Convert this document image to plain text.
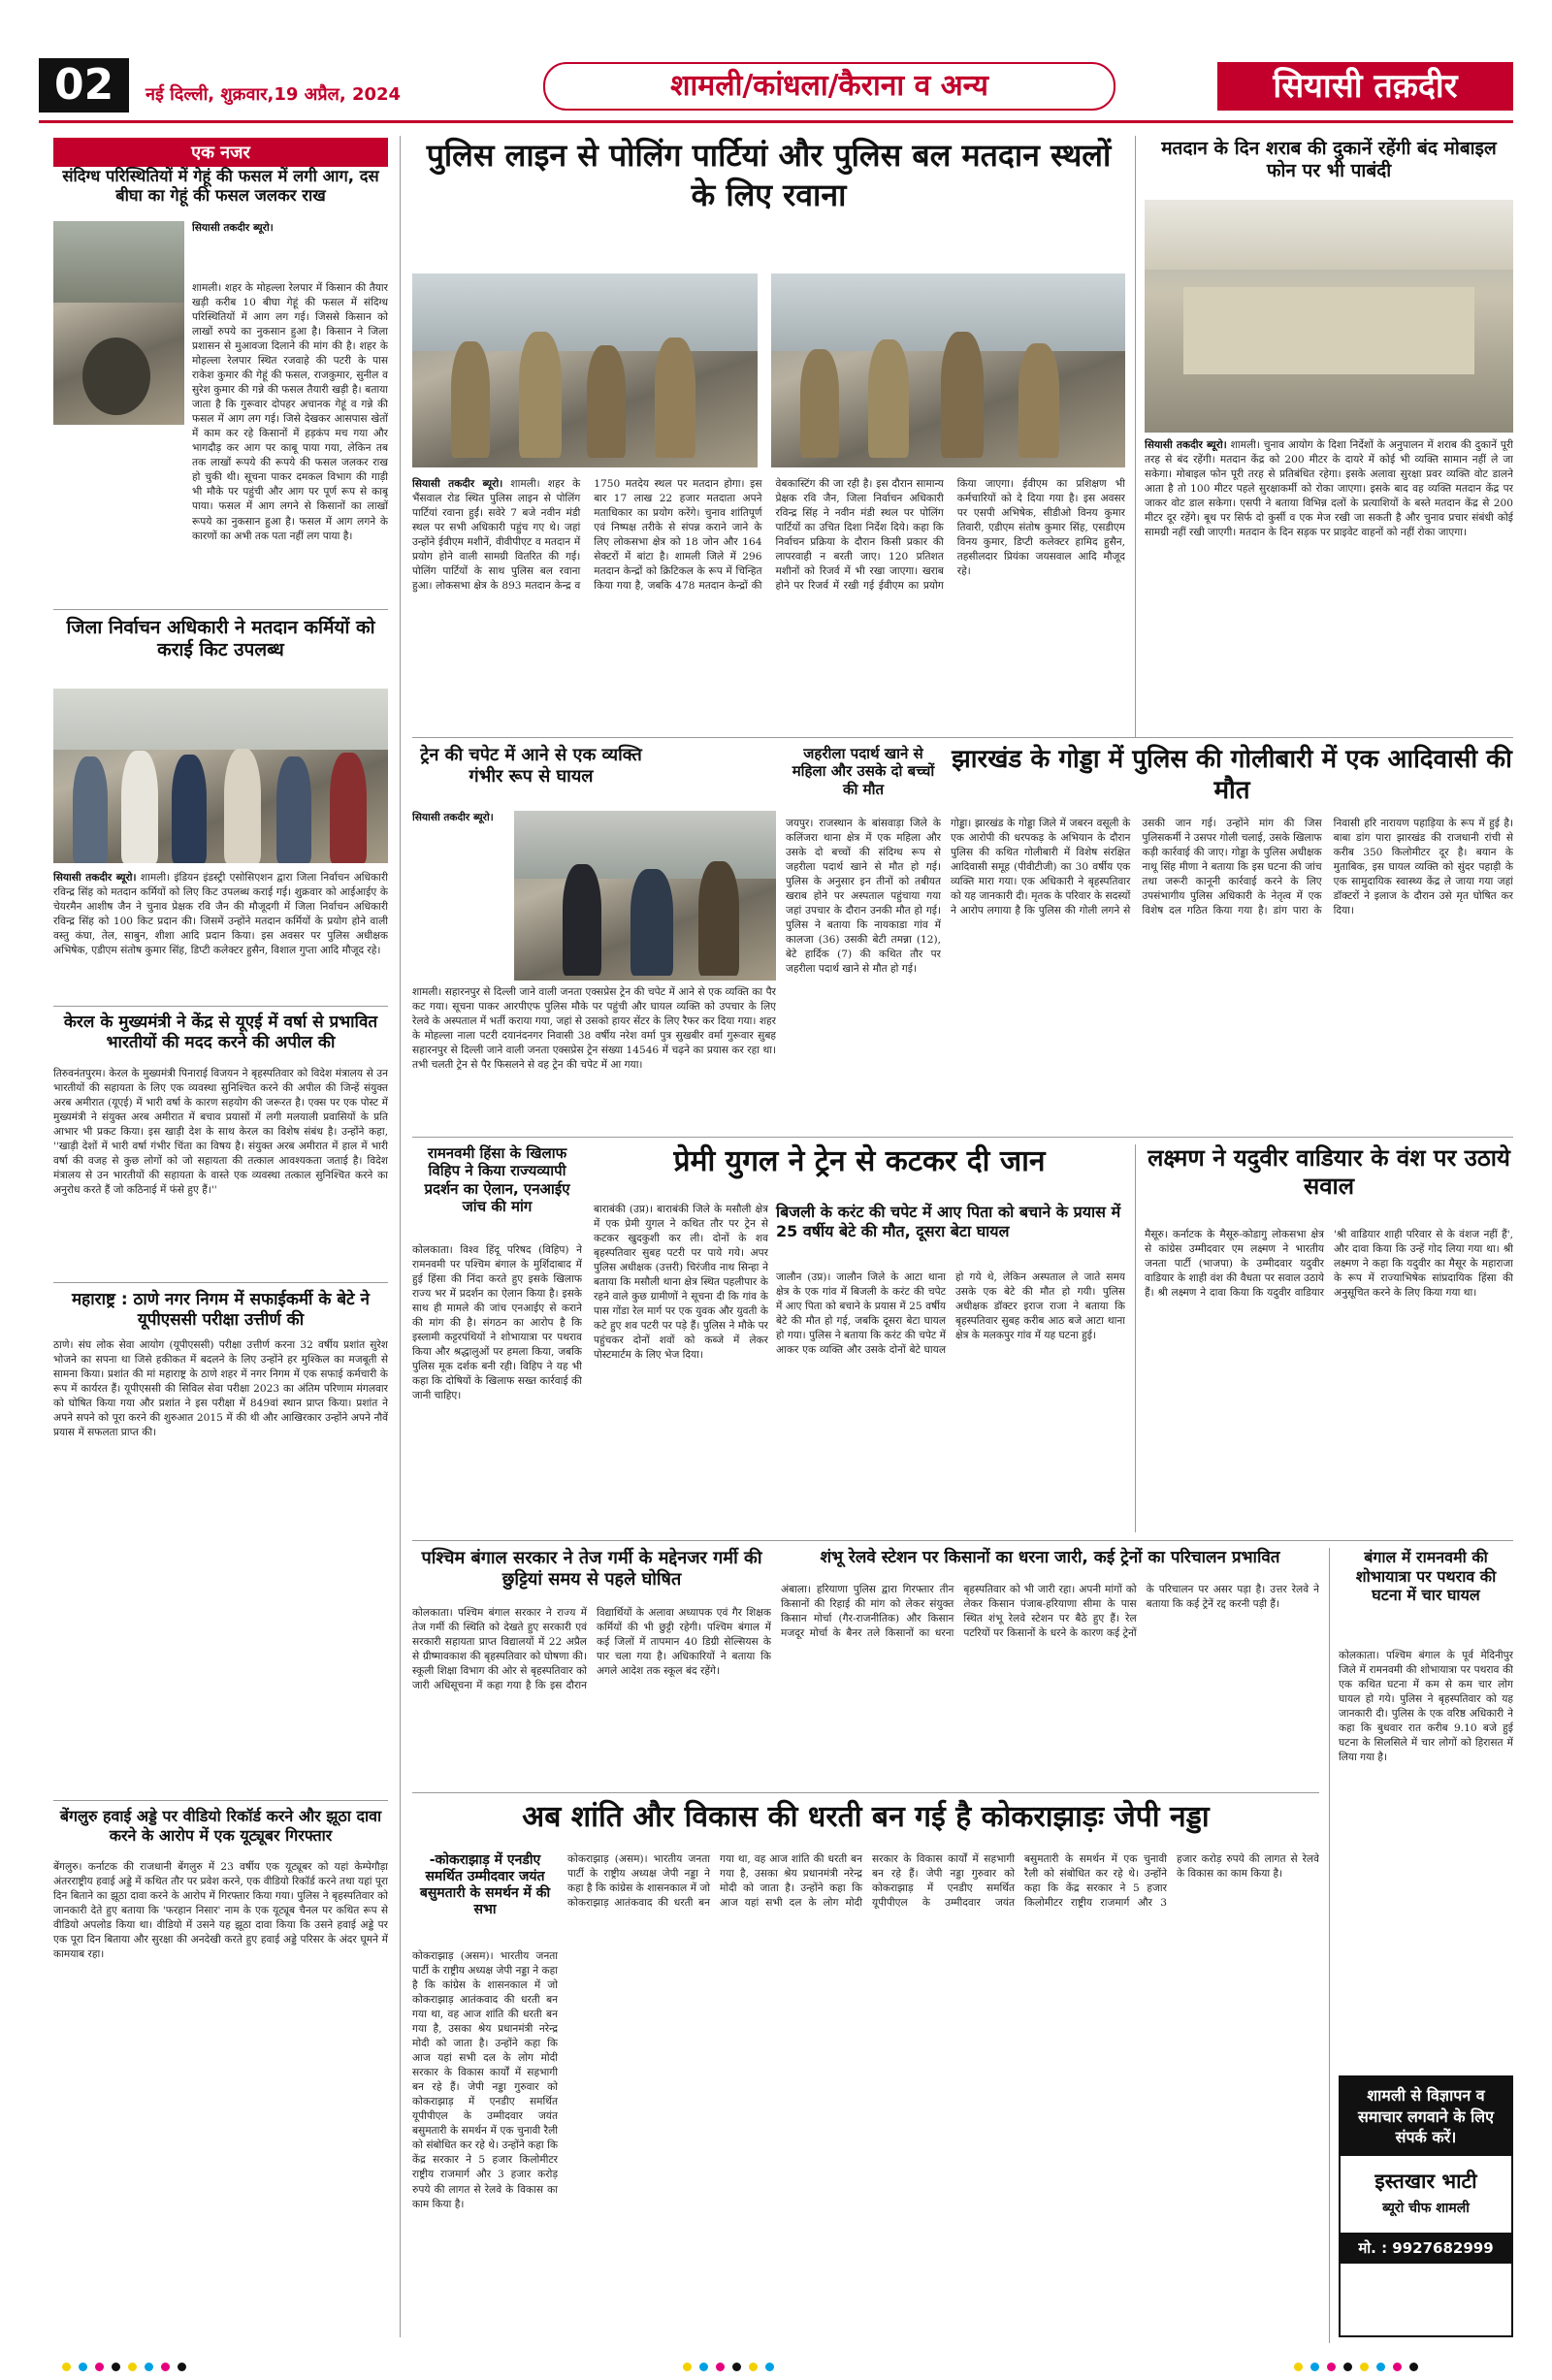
02	नई दिल्ली, शुक्रवार,19 अप्रैल, 2024	शामली/कांधला/कैराना व अन्य	सियासी तक़दीर
एक नजर
संदिग्ध परिस्थितियों में गेहूं की फसल में लगी आग, दस बीघा का गेहूं की फसल जलकर राख
सियासी तकदीर ब्यूरो।
शामली। शहर के मोहल्ला रेलपार में किसान की तैयार खड़ी करीब 10 बीघा गेहूं की फसल में संदिग्ध परिस्थितियों में आग लग गई। जिससे किसान को लाखों रुपये का नुकसान हुआ है। किसान ने जिला प्रशासन से मुआवजा दिलाने की मांग की है। शहर के मोहल्ला रेलपार स्थित रजवाहे की पटरी के पास राकेश कुमार की गेहूं की फसल, राजकुमार, सुनील व सुरेश कुमार की गन्ने की फसल तैयारी खड़ी है। बताया जाता है कि गुरूवार दोपहर अचानक गेहूं व गन्ने की फसल में आग लग गई। जिसे देखकर आसपास खेतों में काम कर रहे किसानों में हड़कंप मच गया और भागदौड़ कर आग पर काबू पाया गया, लेकिन तब तक लाखों रूपये की रूपये की फसल जलकर राख हो चुकी थी। सूचना पाकर दमकल विभाग की गाड़ी भी मौके पर पहुंची और आग पर पूर्ण रूप से काबू पाया। फसल में आग लगने से किसानों का लाखों रूपये का नुकसान हुआ है। फसल में आग लगने के कारणों का अभी तक पता नहीं लग पाया है।
जिला निर्वाचन अधिकारी ने मतदान कर्मियों को कराई किट उपलब्ध
सियासी तकदीर ब्यूरो। शामली। इंडियन इंडस्ट्री एसोसिएशन द्वारा जिला निर्वाचन अधिकारी रविन्द्र सिंह को मतदान कर्मियों को लिए किट उपलब्ध कराई गई। शुक्रवार को आईआईए के चेयरमैन आशीष जैन ने चुनाव प्रेक्षक रवि जैन की मौजूदगी में जिला निर्वाचन अधिकारी रविन्द्र सिंह को 100 किट प्रदान की। जिसमें उन्होंने मतदान कर्मियों के प्रयोग होने वाली वस्तु कंघा, तेल, साबुन, शीशा आदि प्रदान किया। इस अवसर पर पुलिस अधीक्षक अभिषेक, एडीएम संतोष कुमार सिंह, डिप्टी कलेक्टर हुसैन, विशाल गुप्ता आदि मौजूद रहे।
केरल के मुख्यमंत्री ने केंद्र से यूएई में वर्षा से प्रभावित भारतीयों की मदद करने की अपील की
तिरुवनंतपुरम। केरल के मुख्यमंत्री पिनाराई विजयन ने बृहस्पतिवार को विदेश मंत्रालय से उन भारतीयों की सहायता के लिए एक व्यवस्था सुनिश्चित करने की अपील की जिन्हें संयुक्त अरब अमीरात (यूएई) में भारी वर्षा के कारण सहयोग की जरूरत है। एक्स पर एक पोस्ट में मुख्यमंत्री ने संयुक्त अरब अमीरात में बचाव प्रयासों में लगी मलयाली प्रवासियों के प्रति आभार भी प्रकट किया। इस खाड़ी देश के साथ केरल का विशेष संबंध है। उन्होंने कहा, ''खाड़ी देशों में भारी वर्षा गंभीर चिंता का विषय है। संयुक्त अरब अमीरात में हाल में भारी वर्षा की वजह से कुछ लोगों को जो सहायता की तत्काल आवश्यकता जताई है। विदेश मंत्रालय से उन भारतीयों की सहायता के वास्ते एक व्यवस्था तत्काल सुनिश्चित करने का अनुरोध करते हैं जो कठिनाई में फंसे हुए हैं।''
महाराष्ट्र : ठाणे नगर निगम में सफाईकर्मी के बेटे ने यूपीएससी परीक्षा उत्तीर्ण की
ठाणे। संघ लोक सेवा आयोग (यूपीएससी) परीक्षा उत्तीर्ण करना 32 वर्षीय प्रशांत सुरेश भोजने का सपना था जिसे हकीकत में बदलने के लिए उन्होंने हर मुश्किल का मजबूती से सामना किया। प्रशांत की मां महाराष्ट्र के ठाणे शहर में नगर निगम में एक सफाई कर्मचारी के रूप में कार्यरत हैं। यूपीएससी की सिविल सेवा परीक्षा 2023 का अंतिम परिणाम मंगलवार को घोषित किया गया और प्रशांत ने इस परीक्षा में 849वां स्थान प्राप्त किया। प्रशांत ने अपने सपने को पूरा करने की शुरुआत 2015 में की थी और आखिरकार उन्होंने अपने नौवें प्रयास में सफलता प्राप्त की।
बेंगलुरु हवाई अड्डे पर वीडियो रिकॉर्ड करने और झूठा दावा करने के आरोप में एक यूट्यूबर गिरफ्तार
बेंगलुरु। कर्नाटक की राजधानी बेंगलुरु में 23 वर्षीय एक यूट्यूबर को यहां केम्पेगौड़ा अंतरराष्ट्रीय हवाई अड्डे में कथित तौर पर प्रवेश करने, एक वीडियो रिकॉर्ड करने तथा यहां पूरा दिन बिताने का झूठा दावा करने के आरोप में गिरफ्तार किया गया। पुलिस ने बृहस्पतिवार को जानकारी देते हुए बताया कि 'फरहान निसार' नाम के एक यूट्यूब चैनल पर कथित रूप से वीडियो अपलोड किया था। वीडियो में उसने यह झूठा दावा किया कि उसने हवाई अड्डे पर एक पूरा दिन बिताया और सुरक्षा की अनदेखी करते हुए हवाई अड्डे परिसर के अंदर घूमने में कामयाब रहा।
पुलिस लाइन से पोलिंग पार्टियां और पुलिस बल मतदान स्थलों के लिए रवाना
सियासी तकदीर ब्यूरो। शामली। शहर के भैंसवाल रोड स्थित पुलिस लाइन से पोलिंग पार्टियां रवाना हुईं। सवेरे 7 बजे नवीन मंडी स्थल पर सभी अधिकारी पहुंच गए थे। जहां उन्होंने ईवीएम मशीनें, वीवीपीएट व मतदान में प्रयोग होने वाली सामग्री वितरित की गई। पोलिंग पार्टियों के साथ पुलिस बल रवाना हुआ। लोकसभा क्षेत्र के 893 मतदान केन्द्र व 1750 मतदेय स्थल पर मतदान होगा। इस बार 17 लाख 22 हजार मतदाता अपने मताधिकार का प्रयोग करेंगे। चुनाव शांतिपूर्ण एवं निष्पक्ष तरीके से संपन्न कराने जाने के लिए लोकसभा क्षेत्र को 18 जोन और 164 सेक्टरों में बांटा है। शामली जिले में 296 मतदान केन्द्रों को क्रिटिकल के रूप में चिन्हित किया गया है, जबकि 478 मतदान केन्द्रों की वेबकास्टिंग की जा रही है। इस दौरान सामान्य प्रेक्षक रवि जैन, जिला निर्वाचन अधिकारी रविन्द्र सिंह ने नवीन मंडी स्थल पर पोलिंग पार्टियों का उचित दिशा निर्देश दिये। कहा कि निर्वाचन प्रक्रिया के दौरान किसी प्रकार की लापरवाही न बरती जाए। 120 प्रतिशत मशीनों को रिजर्व में भी रखा जाएगा। खराब होने पर रिजर्व में रखी गई ईवीएम का प्रयोग किया जाएगा। ईवीएम का प्रशिक्षण भी कर्मचारियों को दे दिया गया है। इस अवसर पर एसपी अभिषेक, सीडीओ विनय कुमार तिवारी, एडीएम संतोष कुमार सिंह, एसडीएम विनय कुमार, डिप्टी कलेक्टर हामिद हुसैन, तहसीलदार प्रियंका जयसवाल आदि मौजूद रहे।
मतदान के दिन शराब की दुकानें रहेंगी बंद मोबाइल फोन पर भी पाबंदी
सियासी तकदीर ब्यूरो। शामली। चुनाव आयोग के दिशा निर्देशों के अनुपालन में शराब की दुकानें पूरी तरह से बंद रहेंगी। मतदान केंद्र को 200 मीटर के दायरे में कोई भी व्यक्ति सामान नहीं ले जा सकेगा। मोबाइल फोन पूरी तरह से प्रतिबंधित रहेगा। इसके अलावा सुरक्षा प्रवर व्यक्ति वोट डालने आता है तो 100 मीटर पहले सुरक्षाकर्मी को रोका जाएगा। इसके बाद वह व्यक्ति मतदान केंद्र पर जाकर वोट डाल सकेगा। एसपी ने बताया विभिन्न दलों के प्रत्याशियों के बस्ते मतदान केंद्र से 200 मीटर दूर रहेंगे। बूथ पर सिर्फ दो कुर्सी व एक मेज रखी जा सकती है और चुनाव प्रचार संबंधी कोई सामग्री नहीं रखी जाएगी। मतदान के दिन सड़क पर प्राइवेट वाहनों को नहीं रोका जाएगा।
ट्रेन की चपेट में आने से एक व्यक्ति गंभीर रूप से घायल
सियासी तकदीर ब्यूरो।
शामली। सहारनपुर से दिल्ली जाने वाली जनता एक्सप्रेस ट्रेन की चपेट में आने से एक व्यक्ति का पैर कट गया। सूचना पाकर आरपीएफ पुलिस मौके पर पहुंची और घायल व्यक्ति को उपचार के लिए रेलवे के अस्पताल में भर्ती कराया गया, जहां से उसको हायर सेंटर के लिए रैफर कर दिया गया। शहर के मोहल्ला नाला पटरी दयानंदनगर निवासी 38 वर्षीय नरेश वर्मा पुत्र सुखबीर वर्मा गुरूवार सुबह सहारनपुर से दिल्ली जाने वाली जनता एक्सप्रेस ट्रेन संख्या 14546 में चढ़ने का प्रयास कर रहा था। तभी चलती ट्रेन से पैर फिसलने से वह ट्रेन की चपेट में आ गया।
जहरीला पदार्थ खाने से महिला और उसके दो बच्चों की मौत
जयपुर। राजस्थान के बांसवाड़ा जिले के कलिंजरा थाना क्षेत्र में एक महिला और उसके दो बच्चों की संदिग्ध रूप से जहरीला पदार्थ खाने से मौत हो गई। पुलिस के अनुसार इन तीनों को तबीयत खराब होने पर अस्पताल पहुंचाया गया जहां उपचार के दौरान उनकी मौत हो गई। पुलिस ने बताया कि नायकाडा गांव में कालजा (36) उसकी बेटी तमन्ना (12), बेटे हार्दिक (7) की कथित तौर पर जहरीला पदार्थ खाने से मौत हो गई।
झारखंड के गोड्डा में पुलिस की गोलीबारी में एक आदिवासी की मौत
गोड्डा। झारखंड के गोड्डा जिले में जबरन वसूली के एक आरोपी की धरपकड़ के अभियान के दौरान पुलिस की कथित गोलीबारी में विशेष संरक्षित आदिवासी समूह (पीवीटीजी) का 30 वर्षीय एक व्यक्ति मारा गया। एक अधिकारी ने बृहस्पतिवार को यह जानकारी दी। मृतक के परिवार के सदस्यों ने आरोप लगाया है कि पुलिस की गोली लगने से उसकी जान गई। उन्होंने मांग की जिस पुलिसकर्मी ने उसपर गोली चलाई, उसके खिलाफ कड़ी कार्रवाई की जाए। गोड्डा के पुलिस अधीक्षक नाथू सिंह मीणा ने बताया कि इस घटना की जांच तथा जरूरी कानूनी कार्रवाई करने के लिए उपसंभागीय पुलिस अधिकारी के नेतृत्व में एक विशेष दल गठित किया गया है। डांग पारा के निवासी हरि नारायण पहाड़िया के रूप में हुई है। बाबा डांग पारा झारखंड की राजधानी रांची से करीब 350 किलोमीटर दूर है। बयान के मुताबिक, इस घायल व्यक्ति को सुंदर पहाड़ी के एक सामुदायिक स्वास्थ्य केंद्र ले जाया गया जहां डॉक्टरों ने इलाज के दौरान उसे मृत घोषित कर दिया।
रामनवमी हिंसा के खिलाफ विहिप ने किया राज्यव्यापी प्रदर्शन का ऐलान, एनआईए जांच की मांग
कोलकाता। विश्व हिंदू परिषद (विहिप) ने रामनवमी पर पश्चिम बंगाल के मुर्शिदाबाद में हुई हिंसा की निंदा करते हुए इसके खिलाफ राज्य भर में प्रदर्शन का ऐलान किया है। इसके साथ ही मामले की जांच एनआईए से कराने की मांग की है। संगठन का आरोप है कि इस्लामी कट्टरपंथियों ने शोभायात्रा पर पथराव किया और श्रद्धालुओं पर हमला किया, जबकि पुलिस मूक दर्शक बनी रही। विहिप ने यह भी कहा कि दोषियों के खिलाफ सख्त कार्रवाई की जानी चाहिए।
प्रेमी युगल ने ट्रेन से कटकर दी जान
बाराबंकी (उप्र)। बाराबंकी जिले के मसौली क्षेत्र में एक प्रेमी युगल ने कथित तौर पर ट्रेन से कटकर खुदकुशी कर ली। दोनों के शव बृहस्पतिवार सुबह पटरी पर पाये गये। अपर पुलिस अधीक्षक (उत्तरी) चिरंजीव नाथ सिन्हा ने बताया कि मसौली थाना क्षेत्र स्थित पहलीपार के रहने वाले कुछ ग्रामीणों ने सूचना दी कि गांव के पास गोंडा रेल मार्ग पर एक युवक और युवती के कटे हुए शव पटरी पर पड़े हैं। पुलिस ने मौके पर पहुंचकर दोनों शवों को कब्जे में लेकर पोस्टमार्टम के लिए भेज दिया।
बिजली के करंट की चपेट में आए पिता को बचाने के प्रयास में 25 वर्षीय बेटे की मौत, दूसरा बेटा घायल
जालौन (उप्र)। जालौन जिले के आटा थाना क्षेत्र के एक गांव में बिजली के करंट की चपेट में आए पिता को बचाने के प्रयास में 25 वर्षीय बेटे की मौत हो गई, जबकि दूसरा बेटा घायल हो गया। पुलिस ने बताया कि करंट की चपेट में आकर एक व्यक्ति और उसके दोनों बेटे घायल हो गये थे, लेकिन अस्पताल ले जाते समय उसके एक बेटे की मौत हो गयी। पुलिस अधीक्षक डॉक्टर इराज राजा ने बताया कि बृहस्पतिवार सुबह करीब आठ बजे आटा थाना क्षेत्र के मलकपुर गांव में यह घटना हुई।
लक्ष्मण ने यदुवीर वाडियार के वंश पर उठाये सवाल
मैसूरु। कर्नाटक के मैसूरु-कोडागु लोकसभा क्षेत्र से कांग्रेस उम्मीदवार एम लक्ष्मण ने भारतीय जनता पार्टी (भाजपा) के उम्मीदवार यदुवीर वाडियार के शाही वंश की वैधता पर सवाल उठाये हैं। श्री लक्ष्मण ने दावा किया कि यदुवीर वाडियार 'श्री वाडियार शाही परिवार से के वंशज नहीं हैं', और दावा किया कि उन्हें गोद लिया गया था। श्री लक्ष्मण ने कहा कि यदुवीर का मैसूर के महाराजा के रूप में राज्याभिषेक सांप्रदायिक हिंसा की अनुसूचित करने के लिए किया गया था।
पश्चिम बंगाल सरकार ने तेज गर्मी के मद्देनजर गर्मी की छुट्टियां समय से पहले घोषित
कोलकाता। पश्चिम बंगाल सरकार ने राज्य में तेज गर्मी की स्थिति को देखते हुए सरकारी एवं सरकारी सहायता प्राप्त विद्यालयों में 22 अप्रैल से ग्रीष्मावकाश की बृहस्पतिवार को घोषणा की। स्कूली शिक्षा विभाग की ओर से बृहस्पतिवार को जारी अधिसूचना में कहा गया है कि इस दौरान विद्यार्थियों के अलावा अध्यापक एवं गैर शिक्षक कर्मियों की भी छुट्टी रहेगी। पश्चिम बंगाल में कई जिलों में तापमान 40 डिग्री सेल्सियस के पार चला गया है। अधिकारियों ने बताया कि अगले आदेश तक स्कूल बंद रहेंगे।
शंभू रेलवे स्टेशन पर किसानों का धरना जारी, कई ट्रेनों का परिचालन प्रभावित
अंबाला। हरियाणा पुलिस द्वारा गिरफ्तार तीन किसानों की रिहाई की मांग को लेकर संयुक्त किसान मोर्चा (गैर-राजनीतिक) और किसान मजदूर मोर्चा के बैनर तले किसानों का धरना बृहस्पतिवार को भी जारी रहा। अपनी मांगों को लेकर किसान पंजाब-हरियाणा सीमा के पास स्थित शंभू रेलवे स्टेशन पर बैठे हुए हैं। रेल पटरियों पर किसानों के धरने के कारण कई ट्रेनों के परिचालन पर असर पड़ा है। उत्तर रेलवे ने बताया कि कई ट्रेनें रद्द करनी पड़ी हैं।
बंगाल में रामनवमी की शोभायात्रा पर पथराव की घटना में चार घायल
कोलकाता। पश्चिम बंगाल के पूर्व मेदिनीपुर जिले में रामनवमी की शोभायात्रा पर पथराव की एक कथित घटना में कम से कम चार लोग घायल हो गये। पुलिस ने बृहस्पतिवार को यह जानकारी दी। पुलिस के एक वरिष्ठ अधिकारी ने कहा कि बुधवार रात करीब 9.10 बजे हुई घटना के सिलसिले में चार लोगों को हिरासत में लिया गया है।
शामली से विज्ञापन व समाचार लगवाने के लिए संपर्क करें।
इस्तखार भाटी
ब्यूरो चीफ शामली
मो. : 9927682999
अब शांति और विकास की धरती बन गई है कोकराझाड़ः जेपी नड्डा
-कोकराझाड़ में एनडीए समर्थित उम्मीदवार जयंत बसुमतारी के समर्थन में की सभा
कोकराझाड़ (असम)। भारतीय जनता पार्टी के राष्ट्रीय अध्यक्ष जेपी नड्डा ने कहा है कि कांग्रेस के शासनकाल में जो कोकराझाड़ आतंकवाद की धरती बन गया था, वह आज शांति की धरती बन गया है, उसका श्रेय प्रधानमंत्री नरेन्द्र मोदी को जाता है। उन्होंने कहा कि आज यहां सभी दल के लोग मोदी सरकार के विकास कार्यों में सहभागी बन रहे हैं। जेपी नड्डा गुरुवार को कोकराझाड़ में एनडीए समर्थित यूपीपीएल के उम्मीदवार जयंत बसुमतारी के समर्थन में एक चुनावी रैली को संबोधित कर रहे थे। उन्होंने कहा कि केंद्र सरकार ने 5 हजार किलोमीटर राष्ट्रीय राजमार्ग और 3 हजार करोड़ रुपये की लागत से रेलवे के विकास का काम किया है।
कोकराझाड़ (असम)। भारतीय जनता पार्टी के राष्ट्रीय अध्यक्ष जेपी नड्डा ने कहा है कि कांग्रेस के शासनकाल में जो कोकराझाड़ आतंकवाद की धरती बन गया था, वह आज शांति की धरती बन गया है, उसका श्रेय प्रधानमंत्री नरेन्द्र मोदी को जाता है। उन्होंने कहा कि आज यहां सभी दल के लोग मोदी सरकार के विकास कार्यों में सहभागी बन रहे हैं। जेपी नड्डा गुरुवार को कोकराझाड़ में एनडीए समर्थित यूपीपीएल के उम्मीदवार जयंत बसुमतारी के समर्थन में एक चुनावी रैली को संबोधित कर रहे थे। उन्होंने कहा कि केंद्र सरकार ने 5 हजार किलोमीटर राष्ट्रीय राजमार्ग और 3 हजार करोड़ रुपये की लागत से रेलवे के विकास का काम किया है।
